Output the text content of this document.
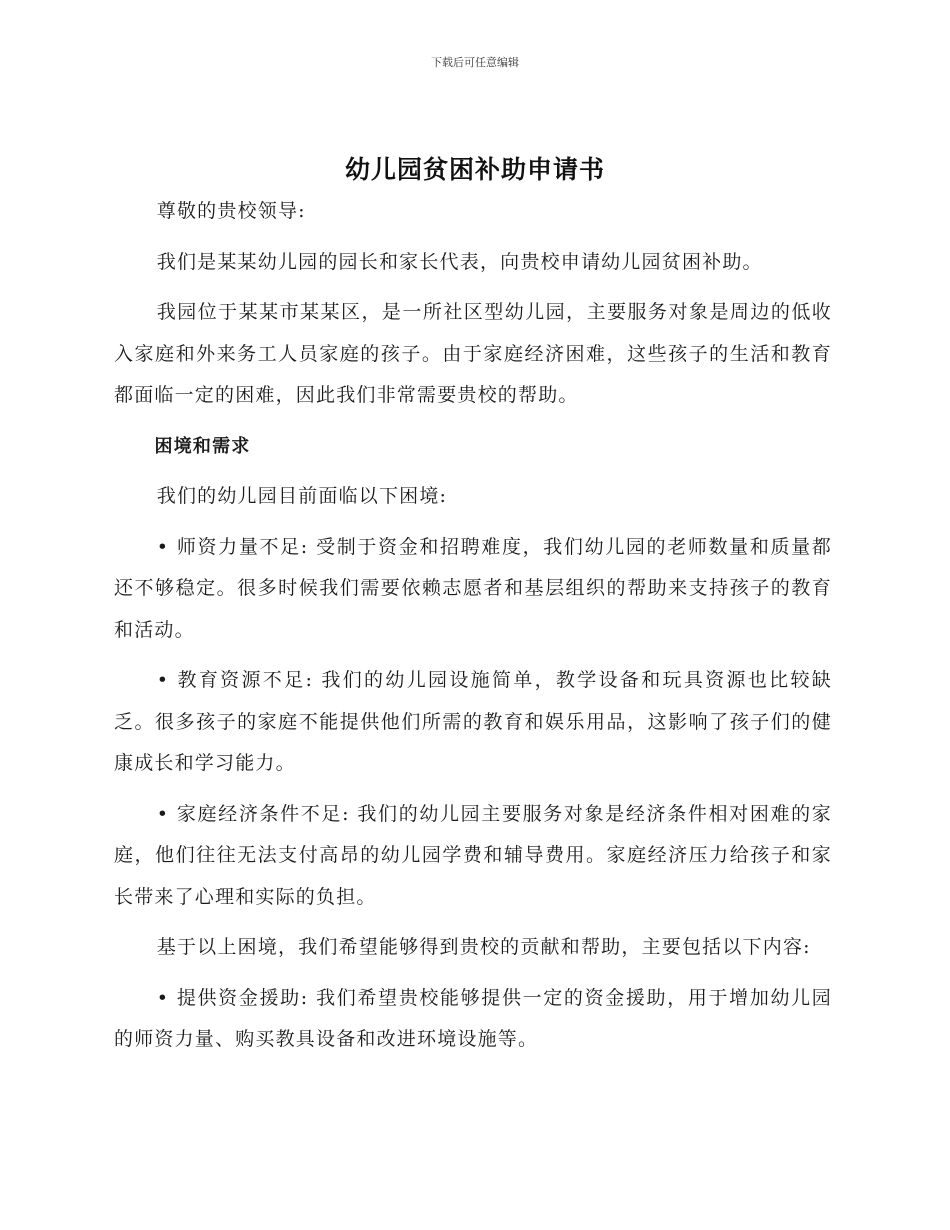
下载后可任意编辑
幼儿园贫困补助申请书

尊敬的贵校领导:

我们是某某幼儿园的园长和家长代表，向贵校申请幼儿园贫困补助。

我园位于某某市某某区，是一所社区型幼儿园，主要服务对象是周边的低收入家庭和外来务工人员家庭的孩子。由于家庭经济困难，这些孩子的生活和教育都面临一定的困难，因此我们非常需要贵校的帮助。

困境和需求

我们的幼儿园目前面临以下困境:

• 师资力量不足: 受制于资金和招聘难度，我们幼儿园的老师数量和质量都还不够稳定。很多时候我们需要依赖志愿者和基层组织的帮助来支持孩子的教育和活动。

• 教育资源不足: 我们的幼儿园设施简单，教学设备和玩具资源也比较缺乏。很多孩子的家庭不能提供他们所需的教育和娱乐用品，这影响了孩子们的健康成长和学习能力。

• 家庭经济条件不足: 我们的幼儿园主要服务对象是经济条件相对困难的家庭，他们往往无法支付高昂的幼儿园学费和辅导费用。家庭经济压力给孩子和家长带来了心理和实际的负担。

基于以上困境，我们希望能够得到贵校的贡献和帮助，主要包括以下内容:

• 提供资金援助: 我们希望贵校能够提供一定的资金援助，用于增加幼儿园的师资力量、购买教具设备和改进环境设施等。
